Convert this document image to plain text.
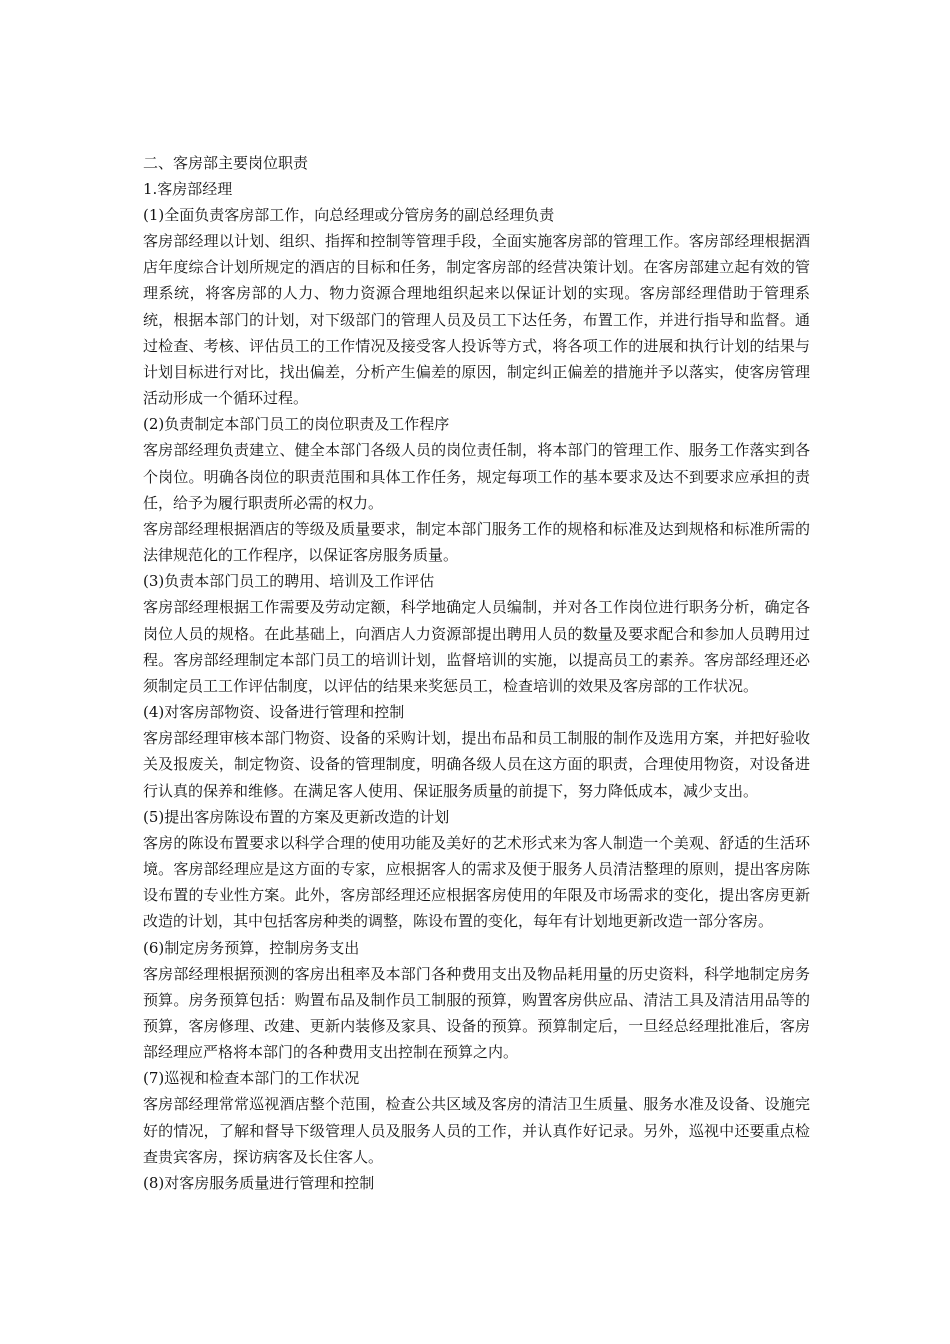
二、客房部主要岗位职责

1.客房部经理

(1)全面负责客房部工作，向总经理或分管房务的副总经理负责

客房部经理以计划、组织、指挥和控制等管理手段，全面实施客房部的管理工作。客房部经理根据酒店年度综合计划所规定的酒店的目标和任务，制定客房部的经营决策计划。在客房部建立起有效的管理系统，将客房部的人力、物力资源合理地组织起来以保证计划的实现。客房部经理借助于管理系统，根据本部门的计划，对下级部门的管理人员及员工下达任务，布置工作，并进行指导和监督。通过检查、考核、评估员工的工作情况及接受客人投诉等方式，将各项工作的进展和执行计划的结果与计划目标进行对比，找出偏差，分析产生偏差的原因，制定纠正偏差的措施并予以落实，使客房管理活动形成一个循环过程。

(2)负责制定本部门员工的岗位职责及工作程序

客房部经理负责建立、健全本部门各级人员的岗位责任制，将本部门的管理工作、服务工作落实到各个岗位。明确各岗位的职责范围和具体工作任务，规定每项工作的基本要求及达不到要求应承担的责任，给予为履行职责所必需的权力。

客房部经理根据酒店的等级及质量要求，制定本部门服务工作的规格和标准及达到规格和标准所需的法律规范化的工作程序，以保证客房服务质量。

(3)负责本部门员工的聘用、培训及工作评估

客房部经理根据工作需要及劳动定额，科学地确定人员编制，并对各工作岗位进行职务分析，确定各岗位人员的规格。在此基础上，向酒店人力资源部提出聘用人员的数量及要求配合和参加人员聘用过程。客房部经理制定本部门员工的培训计划，监督培训的实施，以提高员工的素养。客房部经理还必须制定员工工作评估制度，以评估的结果来奖惩员工，检查培训的效果及客房部的工作状况。

(4)对客房部物资、设备进行管理和控制

客房部经理审核本部门物资、设备的采购计划，提出布品和员工制服的制作及选用方案，并把好验收关及报废关，制定物资、设备的管理制度，明确各级人员在这方面的职责，合理使用物资，对设备进行认真的保养和维修。在满足客人使用、保证服务质量的前提下，努力降低成本，减少支出。

(5)提出客房陈设布置的方案及更新改造的计划

客房的陈设布置要求以科学合理的使用功能及美好的艺术形式来为客人制造一个美观、舒适的生活环境。客房部经理应是这方面的专家，应根据客人的需求及便于服务人员清洁整理的原则，提出客房陈设布置的专业性方案。此外，客房部经理还应根据客房使用的年限及市场需求的变化，提出客房更新改造的计划，其中包括客房种类的调整，陈设布置的变化，每年有计划地更新改造一部分客房。

(6)制定房务预算，控制房务支出

客房部经理根据预测的客房出租率及本部门各种费用支出及物品耗用量的历史资料，科学地制定房务预算。房务预算包括：购置布品及制作员工制服的预算，购置客房供应品、清洁工具及清洁用品等的预算，客房修理、改建、更新内装修及家具、设备的预算。预算制定后，一旦经总经理批准后，客房部经理应严格将本部门的各种费用支出控制在预算之内。

(7)巡视和检查本部门的工作状况

客房部经理常常巡视酒店整个范围，检查公共区域及客房的清洁卫生质量、服务水准及设备、设施完好的情况，了解和督导下级管理人员及服务人员的工作，并认真作好记录。另外，巡视中还要重点检查贵宾客房，探访病客及长住客人。

(8)对客房服务质量进行管理和控制
